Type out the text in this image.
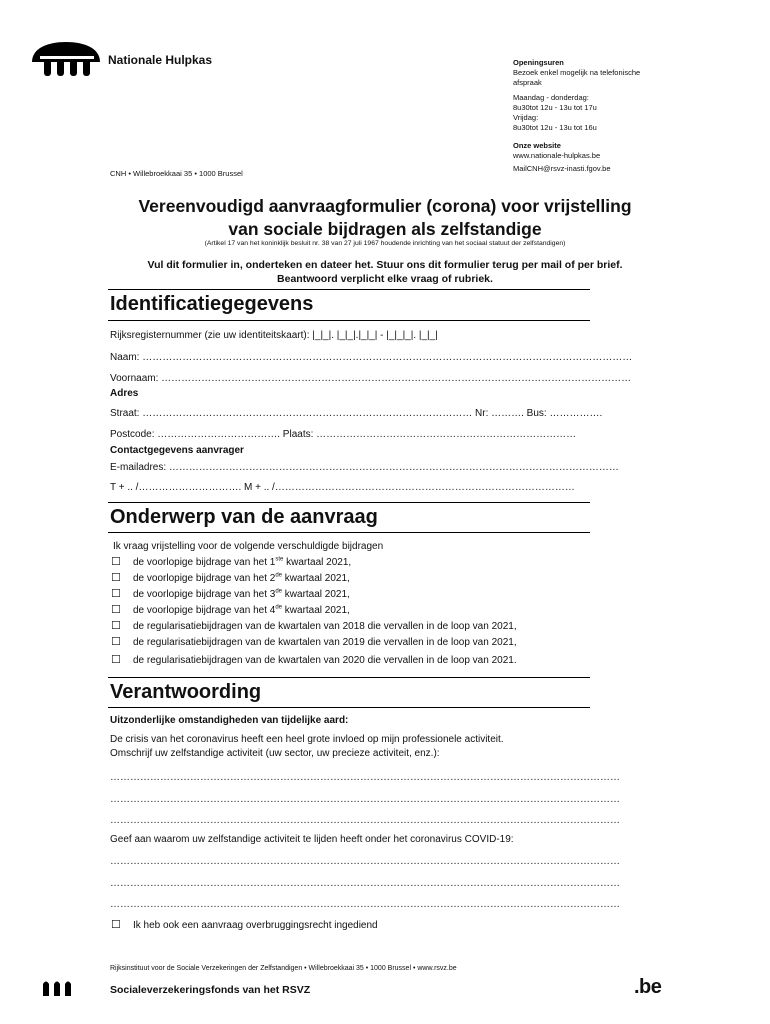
Nationale Hulpkas
CNH • Willebroekkaai 35 • 1000 Brussel
Openingsuren
Bezoek enkel mogelijk na telefonische
afspraak
Maandag - donderdag:
8u30tot 12u - 13u tot 17u
Vrijdag:
8u30tot 12u - 13u tot 16u
Onze website
www.nationale-hulpkas.be
MailCNH@rsvz-inasti.fgov.be
Vereenvoudigd aanvraagformulier (corona) voor vrijstelling
van sociale bijdragen als zelfstandige
(Artikel 17 van het koninklijk besluit nr. 38 van 27 juli 1967 houdende inrichting van het sociaal statuut der zelfstandigen)
Vul dit formulier in, onderteken en dateer het. Stuur ons dit formulier terug per mail of per brief.
Beantwoord verplicht elke vraag of rubriek.
Identificatiegegevens
Rijksregisternummer (zie uw identiteitskaart): |_|_|. |_|_|.|_|_| - |_|_|_|. |_|_|
Naam: …………………………………………………………………………………………………………………………………
Voornaam: ……………………………………………………………………………………………………………………………
Adres
Straat: ……………………………………………………………………………………… Nr: ………. Bus: …………….
Postcode: ………………………………. Plaats: ……………………………………………………………………
Contactgegevens aanvrager
E-mailadres: ………………………………………………………………………………………………………………………
T + .. /…………………………. M + .. /………………………………………………………………………………
Onderwerp van de aanvraag
Ik vraag vrijstelling voor de volgende verschuldigde bijdragen
☐ de voorlopige bijdrage van het 1ste kwartaal 2021,
☐ de voorlopige bijdrage van het 2de kwartaal 2021,
☐ de voorlopige bijdrage van het 3de kwartaal 2021,
☐ de voorlopige bijdrage van het 4de kwartaal 2021,
☐ de regularisatiebijdragen van de kwartalen van 2018 die vervallen in de loop van 2021,
☐ de regularisatiebijdragen van de kwartalen van 2019 die vervallen in de loop van 2021,
☐ de regularisatiebijdragen van de kwartalen van 2020 die vervallen in de loop van 2021.
Verantwoording
Uitzonderlijke omstandigheden van tijdelijke aard:
De crisis van het coronavirus heeft een heel grote invloed op mijn professionele activiteit.
Omschrijf uw zelfstandige activiteit (uw sector, uw precieze activiteit, enz.):
………………………………………………………………………………………………………………………………………
………………………………………………………………………………………………………………………………………
………………………………………………………………………………………………………………………………………
Geef aan waarom uw zelfstandige activiteit te lijden heeft onder het coronavirus COVID-19:
………………………………………………………………………………………………………………………………………
………………………………………………………………………………………………………………………………………
………………………………………………………………………………………………………………………………………
☐ Ik heb ook een aanvraag overbruggingsrecht ingediend
Rijksinstituut voor de Sociale Verzekeringen der Zelfstandigen • Willebroekkaai 35 • 1000 Brussel • www.rsvz.be
Socialeverzekeringsfonds van het RSVZ	.be
